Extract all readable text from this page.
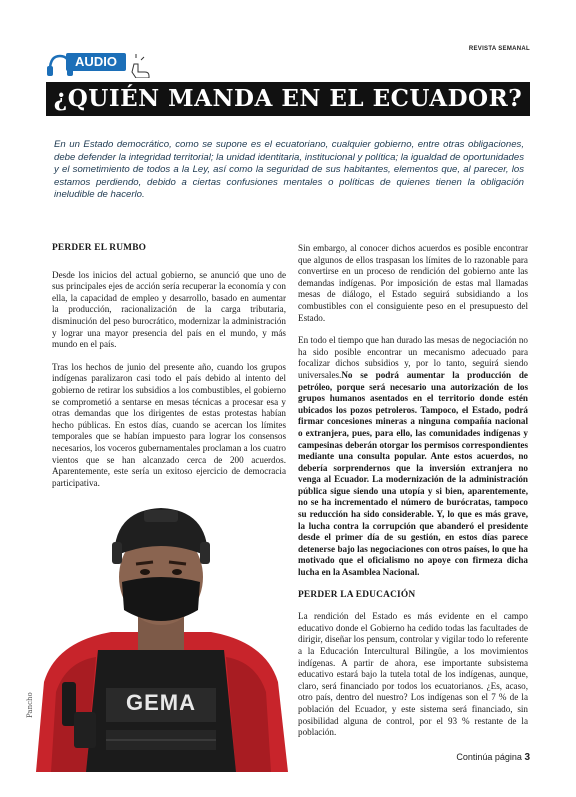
AUDIO
REVISTA SEMANAL
¿QUIÉN MANDA EN EL ECUADOR?
En un Estado democrático, como se supone es el ecuatoriano, cualquier gobierno, entre otras obligaciones, debe defender la integridad territorial; la unidad identitaria, institucional y política; la igualdad de oportunidades y el sometimiento de todos a la Ley, así como la seguridad de sus habitantes, elementos que, al parecer, los estamos perdiendo, debido a ciertas confusiones mentales o políticas de quienes tienen la obligación ineludible de hacerlo.

PERDER EL RUMBO

Desde los inicios del actual gobierno, se anunció que uno de sus principales ejes de acción sería recuperar la economía y con ella, la capacidad de empleo y desarrollo, basado en aumentar la producción, racionalización de la carga tributaria, disminución del peso burocrático, modernizar la administración y lograr una mayor presencia del país en el mundo, y más mundo en el país.

Tras los hechos de junio del presente año, cuando los grupos indígenas paralizaron casi todo el país debido al intento del gobierno de retirar los subsidios a los combustibles, el gobierno se comprometió a sentarse en mesas técnicas a procesar esa y otras demandas que los dirigentes de estas protestas habían hecho públicas. En estos días, cuando se acercan los límites temporales que se habían impuesto para lograr los consensos necesarios, los voceros gubernamentales proclaman a los cuatro vientos que se han alcanzado cerca de 200 acuerdos. Aparentemente, este sería un exitoso ejercicio de democracia participativa.

Sin embargo, al conocer dichos acuerdos es posible encontrar que algunos de ellos traspasan los límites de lo razonable para convertirse en un proceso de rendición del gobierno ante las demandas indígenas. Por imposición de estas mal llamadas mesas de diálogo, el Estado seguirá subsidiando a los combustibles con el consiguiente peso en el presupuesto del Estado.

En todo el tiempo que han durado las mesas de negociación no ha sido posible encontrar un mecanismo adecuado para focalizar dichos subsidios y, por lo tanto, seguirá siendo universales.No se podrá aumentar la producción de petróleo, porque será necesario una autorización de los grupos humanos asentados en el territorio donde estén ubicados los pozos petroleros. Tampoco, el Estado, podrá firmar concesiones mineras a ninguna compañía nacional o extranjera, pues, para ello, las comunidades indígenas y campesinas deberán otorgar los permisos correspondientes mediante una consulta popular. Ante estos acuerdos, no debería sorprendernos que la inversión extranjera no venga al Ecuador. La modernización de la administración pública sigue siendo una utopía y si bien, aparentemente, no se ha incrementado el número de burócratas, tampoco su reducción ha sido considerable. Y, lo que es más grave, la lucha contra la corrupción que abanderó el presidente desde el primer día de su gestión, en estos días parece detenerse bajo las negociaciones con otros países, lo que ha motivado que el oficialismo no apoye con firmeza dicha lucha en la Asamblea Nacional.

PERDER LA EDUCACIÓN

La rendición del Estado es más evidente en el campo educativo donde el Gobierno ha cedido todas las facultades de dirigir, diseñar los pensum, controlar y vigilar todo lo referente a la Educación Intercultural Bilingüe, a los movimientos indígenas. A partir de ahora, ese importante subsistema educativo estará bajo la tutela total de los indígenas, aunque, claro, será financiado por todos los ecuatorianos. ¿Es, acaso, otro país, dentro del nuestro? Los indígenas son el 7 % de la población del Ecuador, y este sistema será financiado, sin posibilidad alguna de control, por el 93 % restante de la población.

GEMA
Pancho
Continúa página 3
